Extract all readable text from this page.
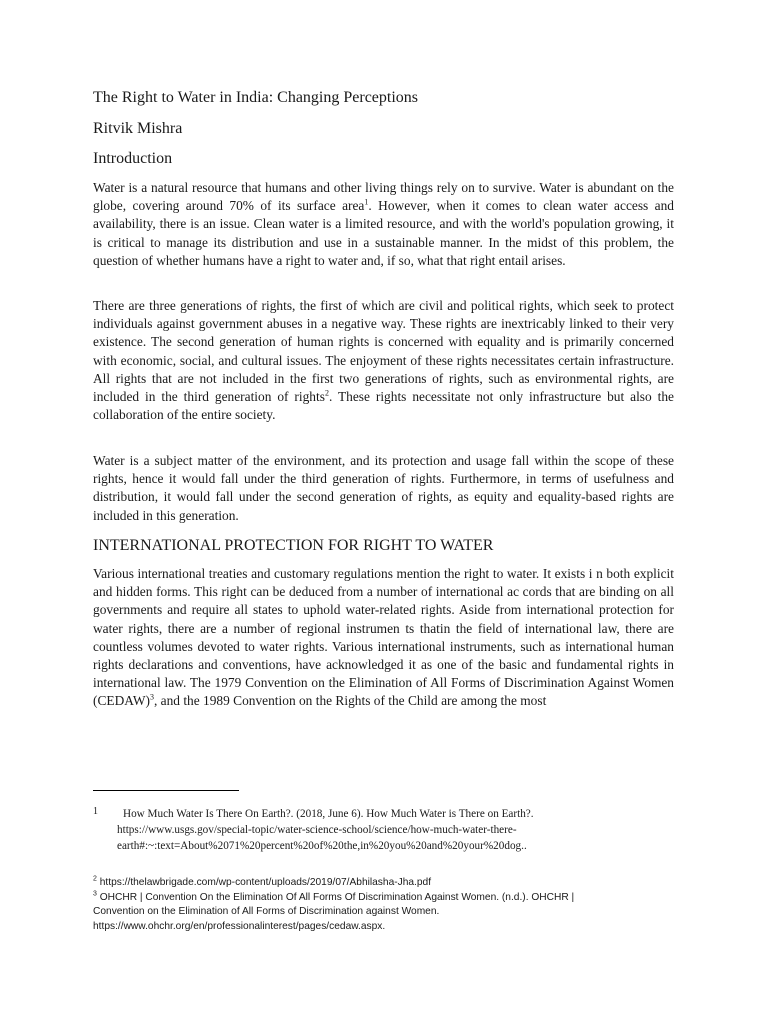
The Right to Water in India: Changing Perceptions

Ritvik Mishra

Introduction

Water is a natural resource that humans and other living things rely on to survive. Water is abundant on the globe, covering around 70% of its surface area$^1$. However, when it comes to clean water access and availability, there is an issue. Clean water is a limited resource, and with the world's population growing, it is critical to manage its distribution and use in a sustainable manner. In the midst of this problem, the question of whether humans have a right to water and, if so, what that right entail arises.

There are three generations of rights, the first of which are civil and political rights, which seek to protect individuals against government abuses in a negative way. These rights are inextricably linked to their very existence. The second generation of human rights is concerned with equality and is primarily concerned with economic, social, and cultural issues. The enjoyment of these rights necessitates certain infrastructure. All rights that are not included in the first two generations of rights, such as environmental rights, are included in the third generation of rights$^2$. These rights necessitate not only infrastructure but also the collaboration of the entire society.

Water is a subject matter of the environment, and its protection and usage fall within the scope of these rights, hence it would fall under the third generation of rights. Furthermore, in terms of usefulness and distribution, it would fall under the second generation of rights, as equity and equality-based rights are included in this generation.

INTERNATIONAL PROTECTION FOR RIGHT TO WATER

Various international treaties and customary regulations mention the right to water. It exists i n both explicit and hidden forms. This right can be deduced from a number of international ac cords that are binding on all governments and require all states to uphold water-related rights. Aside from international protection for water rights, there are a number of regional instrumen ts thatin the field of international law, there are countless volumes devoted to water rights. Various international instruments, such as international human rights declarations and conventions, have acknowledged it as one of the basic and fundamental rights in international law. The 1979 Convention on the Elimination of All Forms of Discrimination Against Women (CEDAW)$^3$, and the 1989 Convention on the Rights of the Child are among the most

1 How Much Water Is There On Earth?. (2018, June 6). How Much Water is There on Earth?.
https://www.usgs.gov/special-topic/water-science-school/science/how-much-water-there-
earth#:~:text=About%2071%20percent%20of%20the,in%20you%20and%20your%20dog..
$^2$ https://thelawbrigade.com/wp-content/uploads/2019/07/Abhilasha-Jha.pdf
$^3$ OHCHR | Convention On the Elimination Of All Forms Of Discrimination Against Women. (n.d.). OHCHR |
Convention on the Elimination of All Forms of Discrimination against Women.
https://www.ohchr.org/en/professionalinterest/pages/cedaw.aspx.
